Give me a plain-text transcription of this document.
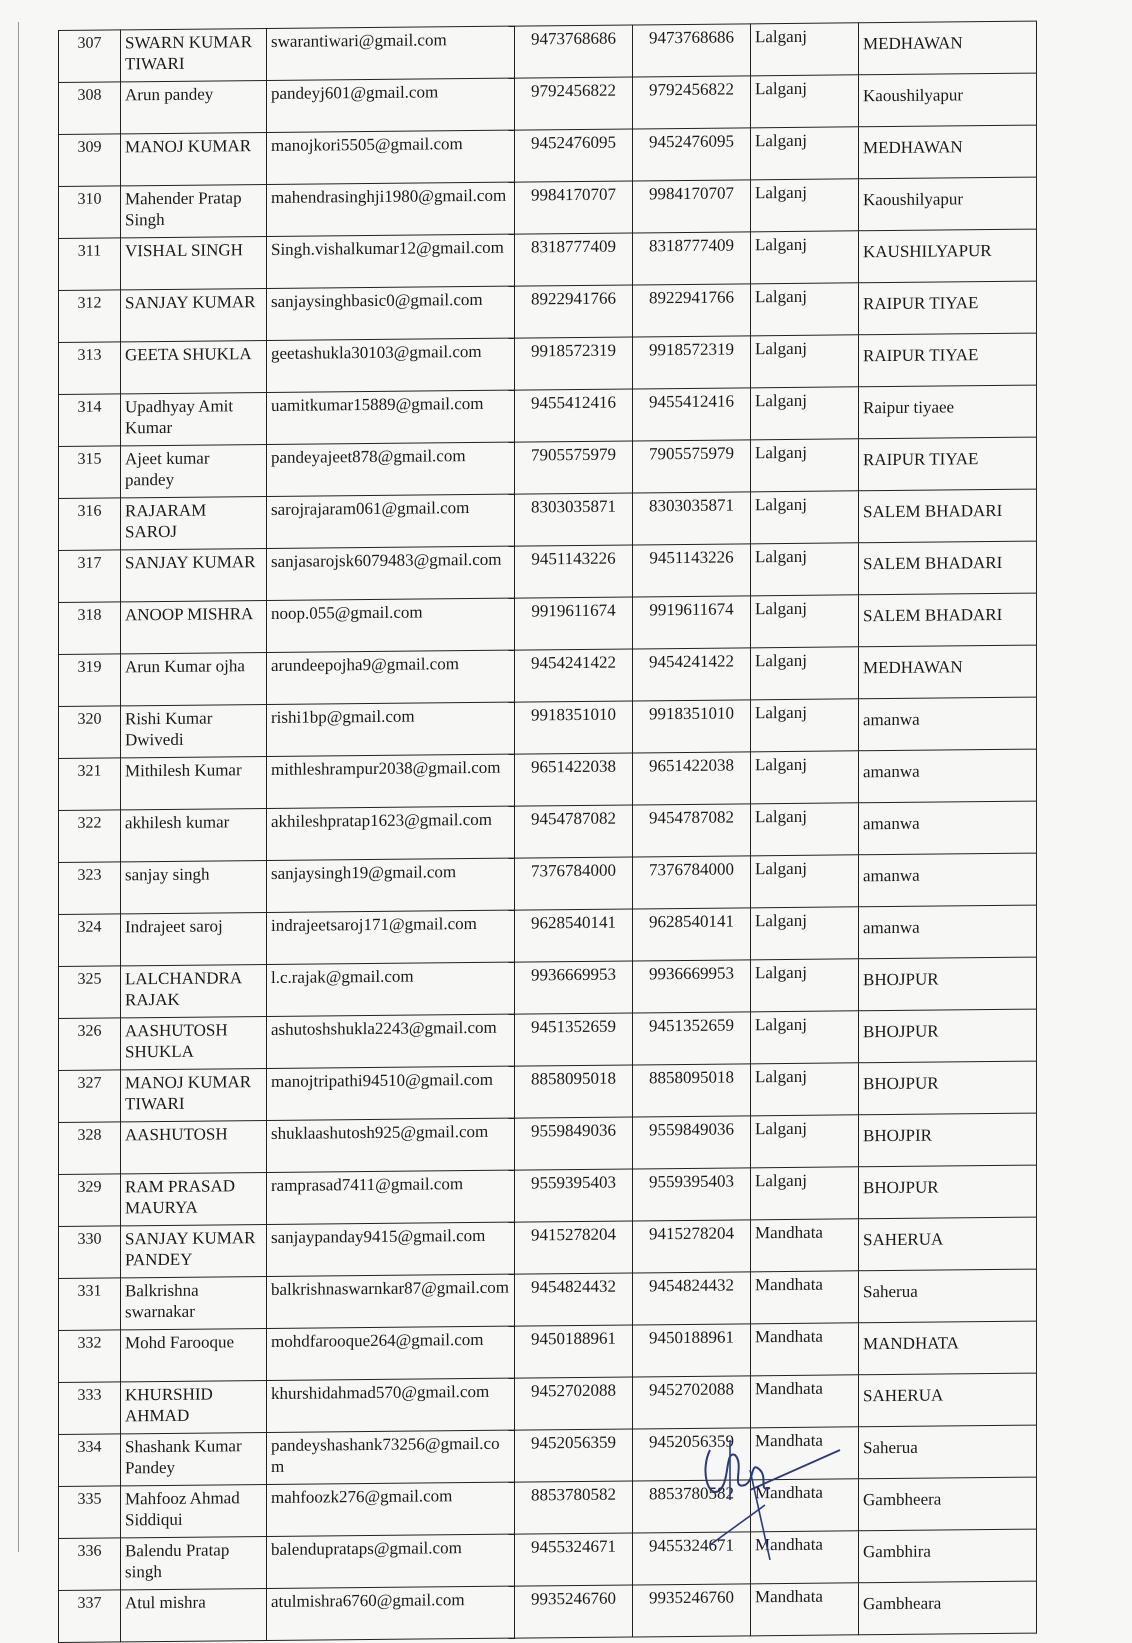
307	SWARN KUMAR TIWARI	swarantiwari@gmail.com	9473768686	9473768686	Lalganj	MEDHAWAN
308	Arun pandey	pandeyj601@gmail.com	9792456822	9792456822	Lalganj	Kaoushilyapur
309	MANOJ KUMAR	manojkori5505@gmail.com	9452476095	9452476095	Lalganj	MEDHAWAN
310	Mahender Pratap Singh	mahendrasinghji1980@gmail.com	9984170707	9984170707	Lalganj	Kaoushilyapur
311	VISHAL SINGH	Singh.vishalkumar12@gmail.com	8318777409	8318777409	Lalganj	KAUSHILYAPUR
312	SANJAY KUMAR	sanjaysinghbasic0@gmail.com	8922941766	8922941766	Lalganj	RAIPUR TIYAE
313	GEETA SHUKLA	geetashukla30103@gmail.com	9918572319	9918572319	Lalganj	RAIPUR TIYAE
314	Upadhyay Amit Kumar	uamitkumar15889@gmail.com	9455412416	9455412416	Lalganj	Raipur tiyaee
315	Ajeet kumar pandey	pandeyajeet878@gmail.com	7905575979	7905575979	Lalganj	RAIPUR TIYAE
316	RAJARAM SAROJ	sarojrajaram061@gmail.com	8303035871	8303035871	Lalganj	SALEM BHADARI
317	SANJAY KUMAR	sanjasarojsk6079483@gmail.com	9451143226	9451143226	Lalganj	SALEM BHADARI
318	ANOOP MISHRA	noop.055@gmail.com	9919611674	9919611674	Lalganj	SALEM BHADARI
319	Arun Kumar ojha	arundeepojha9@gmail.com	9454241422	9454241422	Lalganj	MEDHAWAN
320	Rishi Kumar Dwivedi	rishi1bp@gmail.com	9918351010	9918351010	Lalganj	amanwa
321	Mithilesh Kumar	mithleshrampur2038@gmail.com	9651422038	9651422038	Lalganj	amanwa
322	akhilesh kumar	akhileshpratap1623@gmail.com	9454787082	9454787082	Lalganj	amanwa
323	sanjay singh	sanjaysingh19@gmail.com	7376784000	7376784000	Lalganj	amanwa
324	Indrajeet saroj	indrajeetsaroj171@gmail.com	9628540141	9628540141	Lalganj	amanwa
325	LALCHANDRA RAJAK	l.c.rajak@gmail.com	9936669953	9936669953	Lalganj	BHOJPUR
326	AASHUTOSH SHUKLA	ashutoshshukla2243@gmail.com	9451352659	9451352659	Lalganj	BHOJPUR
327	MANOJ KUMAR TIWARI	manojtripathi94510@gmail.com	8858095018	8858095018	Lalganj	BHOJPUR
328	AASHUTOSH	shuklaashutosh925@gmail.com	9559849036	9559849036	Lalganj	BHOJPIR
329	RAM PRASAD MAURYA	ramprasad7411@gmail.com	9559395403	9559395403	Lalganj	BHOJPUR
330	SANJAY KUMAR PANDEY	sanjaypanday9415@gmail.com	9415278204	9415278204	Mandhata	SAHERUA
331	Balkrishna swarnakar	balkrishnaswarnkar87@gmail.com	9454824432	9454824432	Mandhata	Saherua
332	Mohd Farooque	mohdfarooque264@gmail.com	9450188961	9450188961	Mandhata	MANDHATA
333	KHURSHID AHMAD	khurshidahmad570@gmail.com	9452702088	9452702088	Mandhata	SAHERUA
334	Shashank Kumar Pandey	pandeyshashank73256@gmail.com	9452056359	9452056359	Mandhata	Saherua
335	Mahfooz Ahmad Siddiqui	mahfoozk276@gmail.com	8853780582	8853780582	Mandhata	Gambheera
336	Balendu Pratap singh	balenduprataps@gmail.com	9455324671	9455324671	Mandhata	Gambhira
337	Atul mishra	atulmishra6760@gmail.com	9935246760	9935246760	Mandhata	Gambheara
